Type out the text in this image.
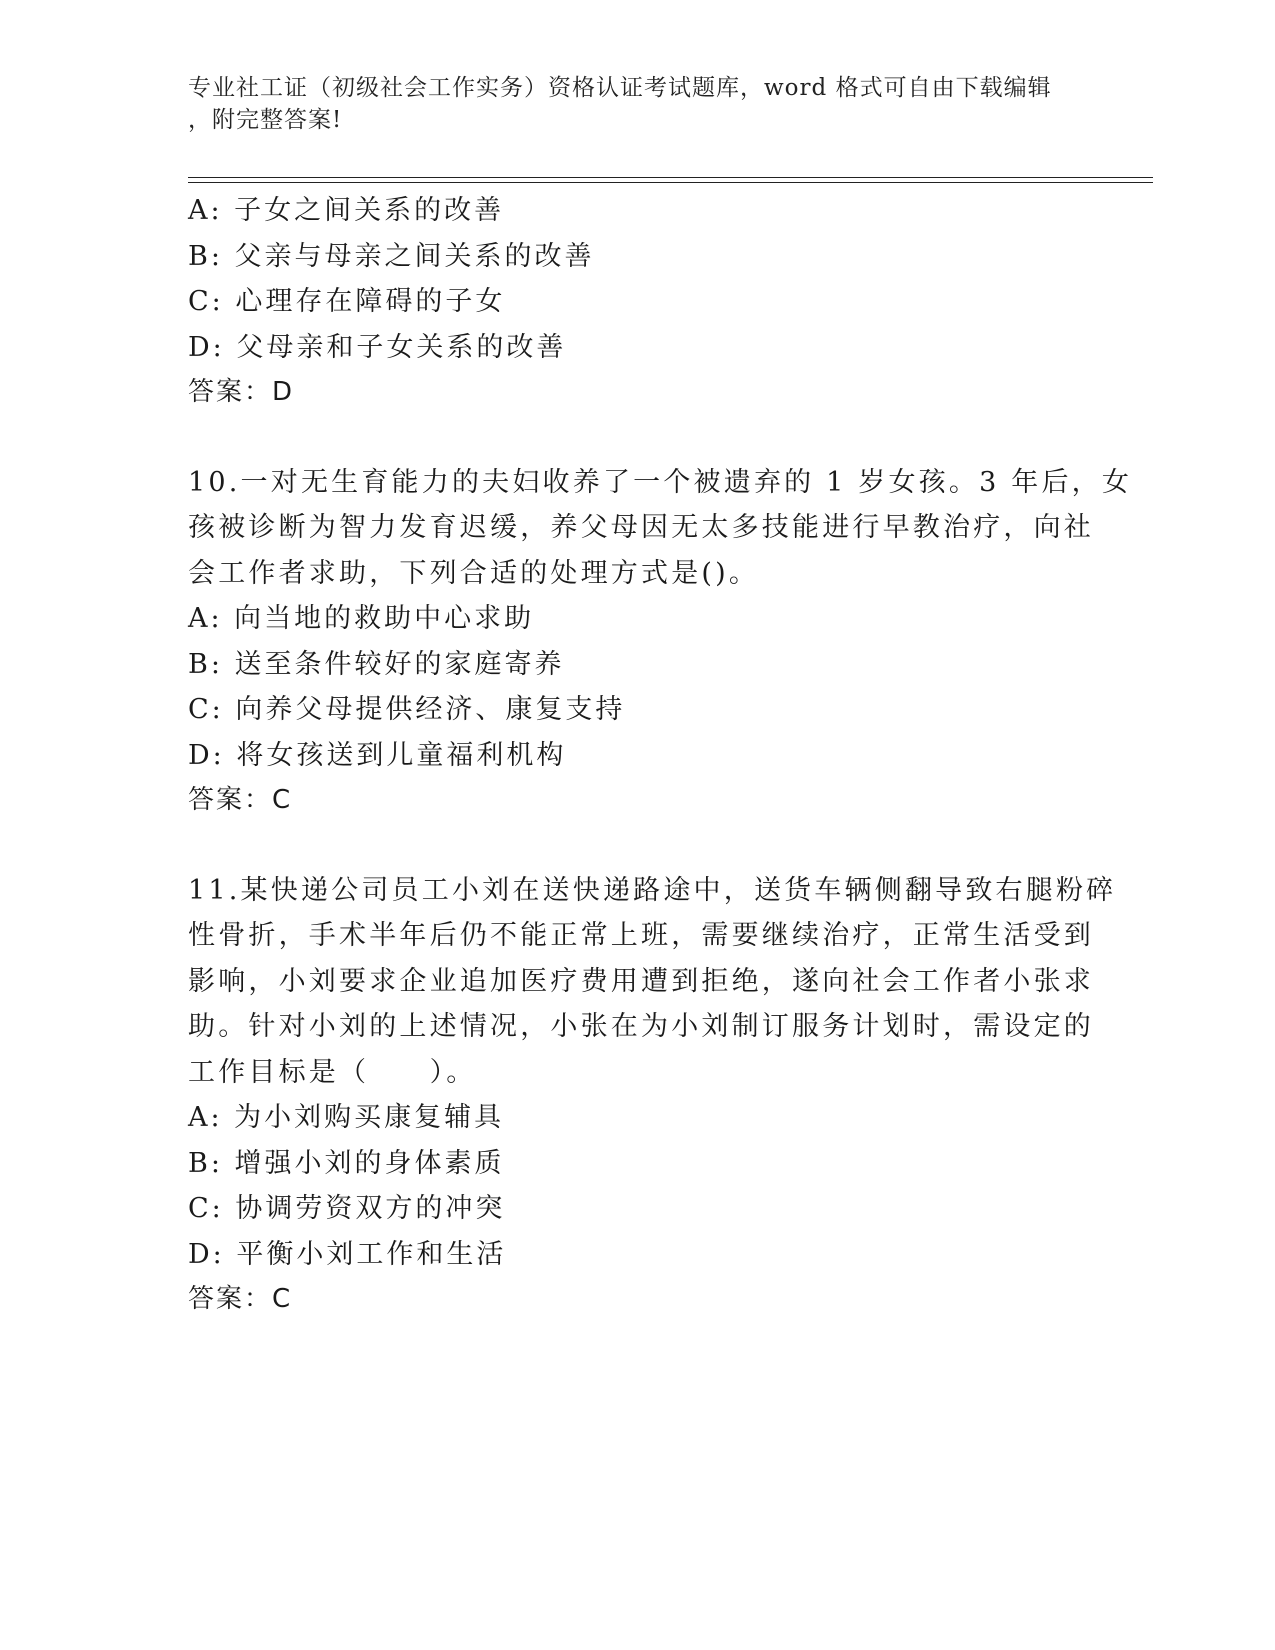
专业社工证（初级社会工作实务）资格认证考试题库，word 格式可自由下载编辑
，附完整答案!
A: 子女之间关系的改善
B: 父亲与母亲之间关系的改善
C: 心理存在障碍的子女
D: 父母亲和子女关系的改善
答案：D
10.一对无生育能力的夫妇收养了一个被遗弃的 1 岁女孩。3 年后，女
孩被诊断为智力发育迟缓，养父母因无太多技能进行早教治疗，向社
会工作者求助，下列合适的处理方式是()。
A: 向当地的救助中心求助
B: 送至条件较好的家庭寄养
C: 向养父母提供经济、康复支持
D: 将女孩送到儿童福利机构
答案：C
11.某快递公司员工小刘在送快递路途中，送货车辆侧翻导致右腿粉碎
性骨折，手术半年后仍不能正常上班，需要继续治疗，正常生活受到
影响，小刘要求企业追加医疗费用遭到拒绝，遂向社会工作者小张求
助。针对小刘的上述情况，小张在为小刘制订服务计划时，需设定的
工作目标是（　　）。
A: 为小刘购买康复辅具
B: 增强小刘的身体素质
C: 协调劳资双方的冲突
D: 平衡小刘工作和生活
答案：C
